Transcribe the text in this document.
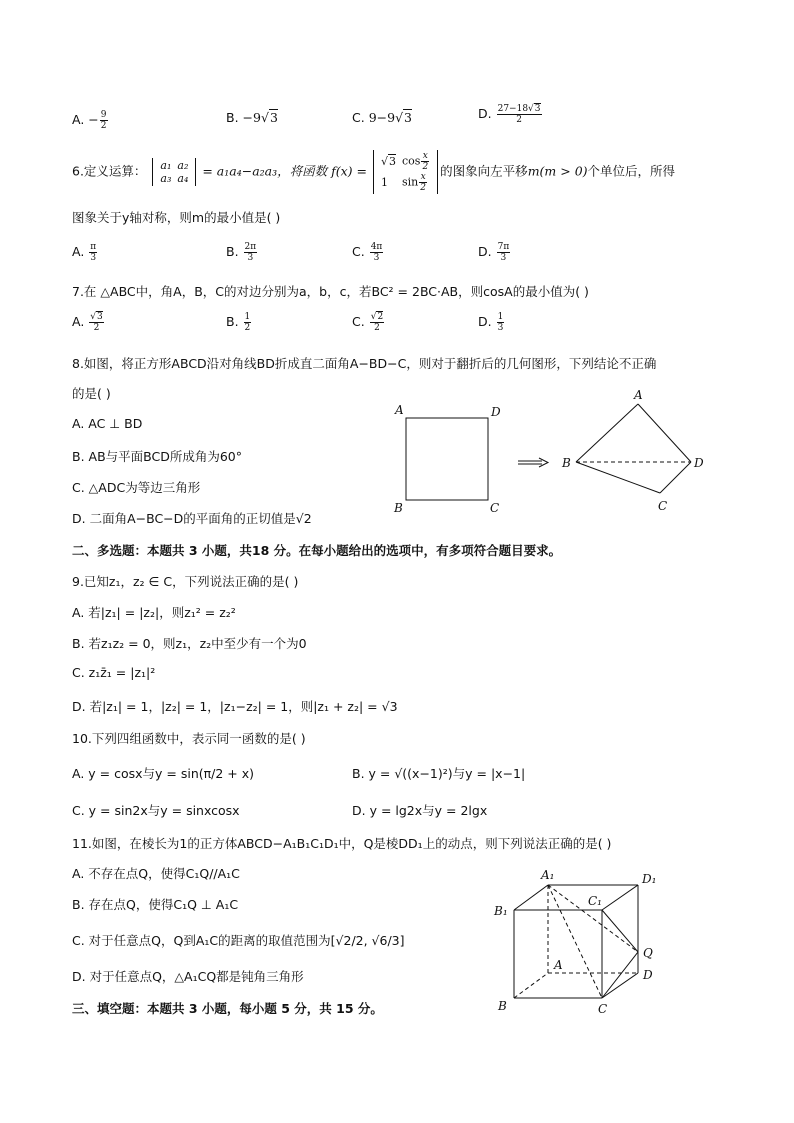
A. − $\frac{9}{2}$	B. −9√3	C. 9−9√3	D. $\frac{27-18√3}{2}$
6.定义运算： a₁	a₂
a₃	a₄ = a₁a₄−a₂a₃，将函数 f(x) =
√3	$\cos \frac{x}{2}$

1	$\sin \frac{x}{2}$
的图象向左平移m(m > 0)个单位后，所得
图象关于y轴对称，则m的最小值是( )
A. $\frac{\pi}{3}$	B. $\frac{2\pi}{3}$	C. $\frac{4\pi}{3}$	D. $\frac{7\pi}{3}$
7.在 △ABC中，角A，B，C的对边分别为a，b，c，若BC² = 2BC·AB，则cosA的最小值为( )
A. $\frac{√3}{2}$	B. $\frac{1}{2}$	C. $\frac{√2}{2}$	D. $\frac{1}{3}$
8.如图，将正方形ABCD沿对角线BD折成直二面角A−BD−C，则对于翻折后的几何图形，下列结论不正确
的是( )
A. AC ⊥ BD
B. AB与平面BCD所成角为60°
C. △ADC为等边三角形
D. 二面角A−BC−D的平面角的正切值是√2
A	D
B	C
A
B	D
C
二、多选题：本题共 3 小题，共18 分。在每小题给出的选项中，有多项符合题目要求。
9.已知z₁，z₂ ∈ C，下列说法正确的是( )
A. 若|z₁| = |z₂|，则z₁² = z₂²
B. 若z₁z₂ = 0，则z₁，z₂中至少有一个为0
C. z₁z̄₁ = |z₁|²
D. 若|z₁| = 1，|z₂| = 1，|z₁−z₂| = 1，则|z₁ + z₂| = √3
10.下列四组函数中，表示同一函数的是( )
A. y = cosx与y = sin(π/2 + x)	B. y = √((x−1)²)与y = |x−1|
C. y = sin2x与y = sinxcosx	D. y = lg2x与y = 2lgx
11.如图，在棱长为1的正方体ABCD−A₁B₁C₁D₁中，Q是棱DD₁上的动点，则下列说法正确的是( )
A. 不存在点Q，使得C₁Q//A₁C
B. 存在点Q，使得C₁Q ⊥ A₁C
C. 对于任意点Q，Q到A₁C的距离的取值范围为[√2/2, √6/3]
D. 对于任意点Q，△A₁CQ都是钝角三角形
A₁	D₁
B₁
C₁
Q
A
D
B	C
三、填空题：本题共 3 小题，每小题 5 分，共 15 分。
